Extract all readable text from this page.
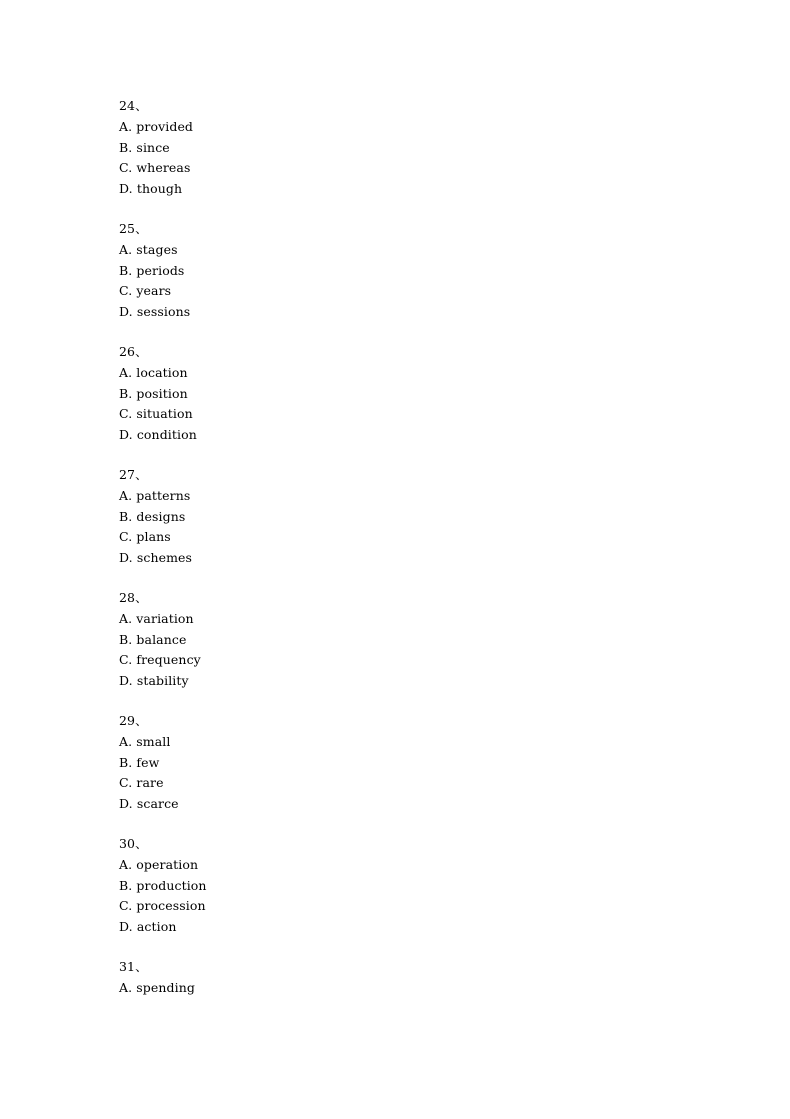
24、
A. provided
B. since
C. whereas
D. though
25、
A. stages
B. periods
C. years
D. sessions
26、
A. location
B. position
C. situation
D. condition
27、
A. patterns
B. designs
C. plans
D. schemes
28、
A. variation
B. balance
C. frequency
D. stability
29、
A. small
B. few
C. rare
D. scarce
30、
A. operation
B. production
C. procession
D. action
31、
A. spending
